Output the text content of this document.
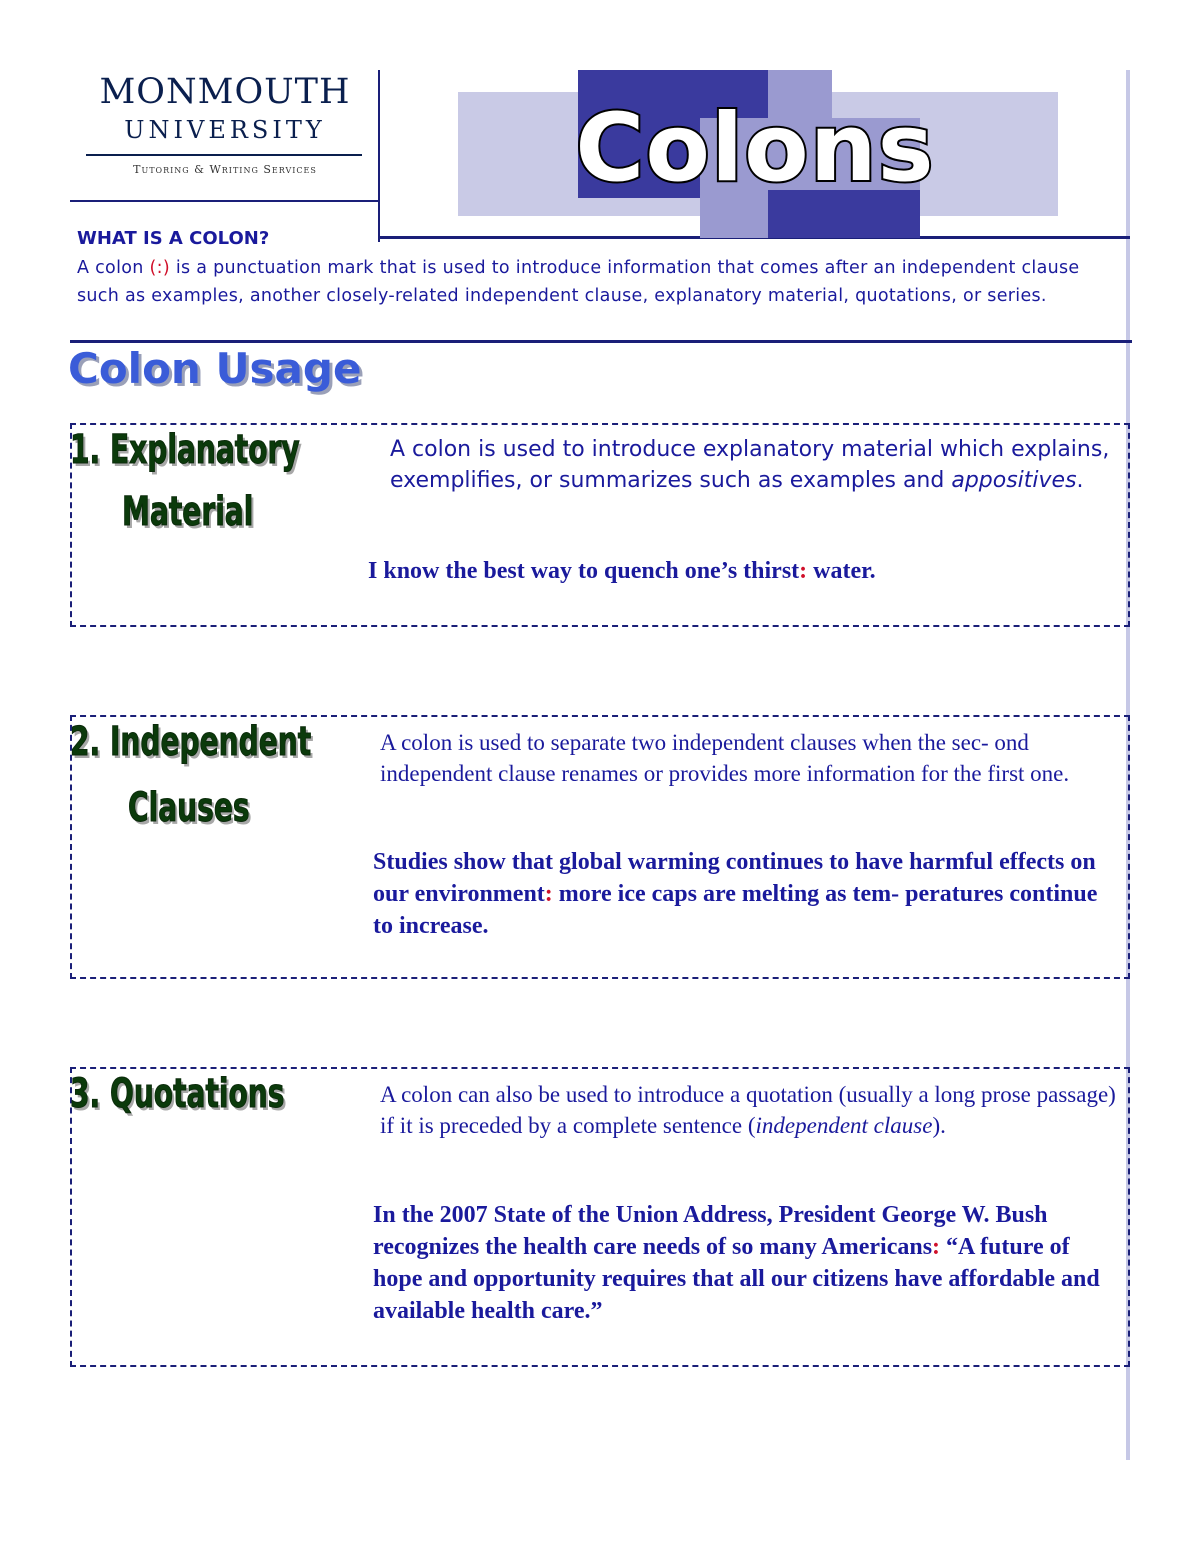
MONMOUTH
UNIVERSITY
Tutoring & Writing Services	Colons
WHAT IS A COLON?
A colon (:) is a punctuation mark that is used to introduce information that comes after an independent clause such as examples, another closely-related independent clause, explanatory material, quotations, or series.
Colon Usage
1. Explanatory
Material
A colon is used to introduce explanatory material which explains, exemplifies, or summarizes such as examples and appositives.
I know the best way to quench one’s thirst: water.
2. Independent
Clauses
A colon is used to separate two independent clauses when the sec- ond independent clause renames or provides more information for the first one.
Studies show that global warming continues to have harmful effects on our environment: more ice caps are melting as tem- peratures continue to increase.
3. Quotations	A colon can also be used to introduce a quotation (usually a long prose passage) if it is preceded by a complete sentence (independent clause).
In the 2007 State of the Union Address, President George W. Bush recognizes the health care needs of so many Americans: “A future of hope and opportunity requires that all our citizens have affordable and available health care.”
